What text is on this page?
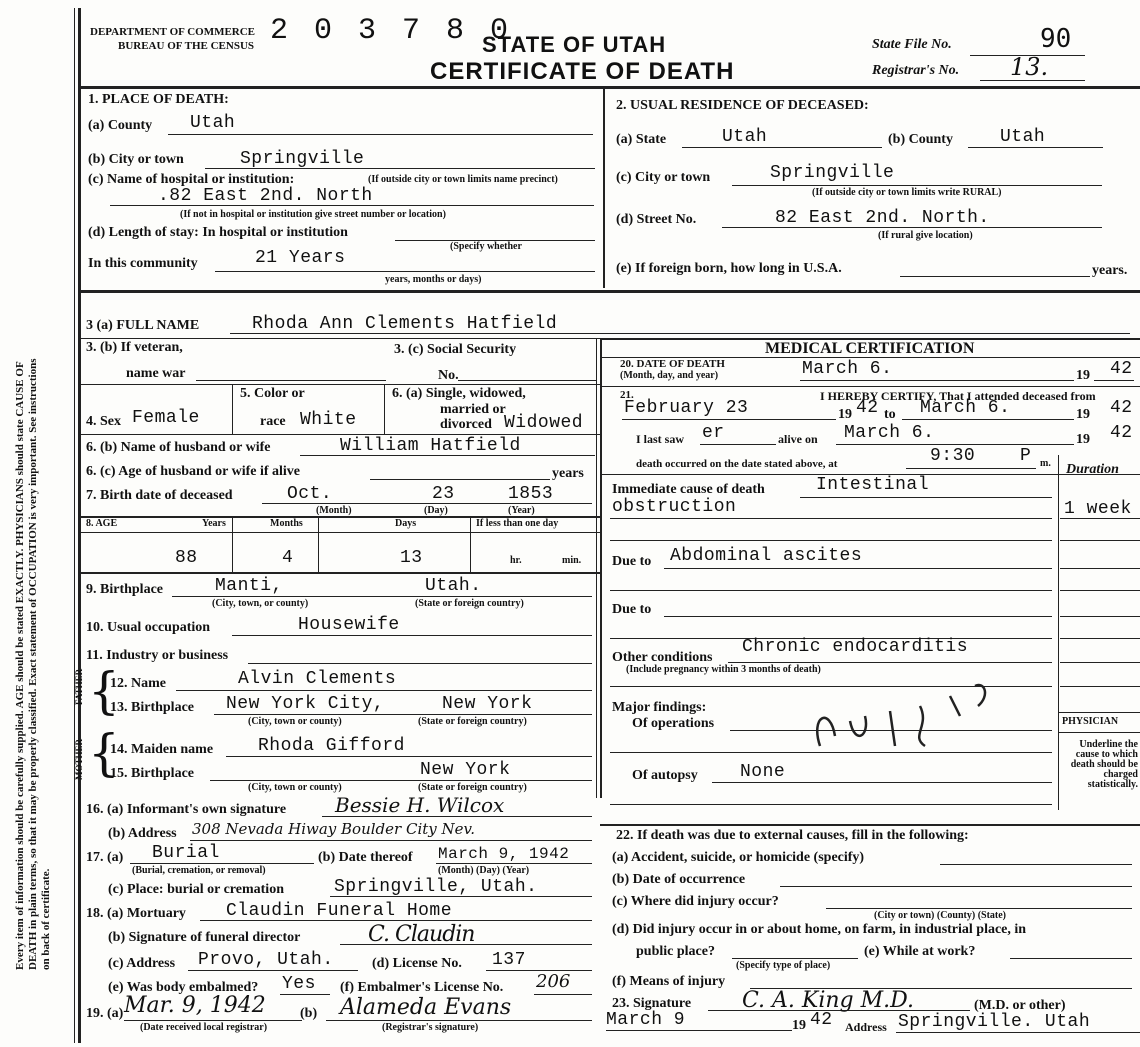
DEPARTMENT OF COMMERCE
BUREAU OF THE CENSUS 2 0 3 7 8 0
STATE OF UTAH
CERTIFICATE OF DEATH
State File No.	90
Registrar's No. 13.
Every item of information should be carefully supplied. AGE should be stated EXACTLY. PHYSICIANS should state CAUSE OF DEATH in plain terms, so that it may be properly classified. Exact statement of OCCUPATION is very important. See instructions on back of certificate.
1. PLACE OF DEATH:
(a) County Utah
(b) City or town	Springville
(c) Name of hospital or institution:	(If outside city or town limits name precinct)
.82 East 2nd. North
(If not in hospital or institution give street number or location)
(d) Length of stay: In hospital or institution
(Specify whether
In this community	21 Years
years, months or days)
2. USUAL RESIDENCE OF DECEASED:
(a) State	Utah	(b) County	Utah
(c) City or town	Springville
(If outside city or town limits write RURAL)
(d) Street No.	82 East 2nd. North.
(If rural give location)
(e) If foreign born, how long in U.S.A.	years.
3 (a) FULL NAME	Rhoda Ann Clements Hatfield
3. (b) If veteran,
name war
3. (c) Social Security
No.
4. Sex Female
5. Color or
race White
6. (a) Single, widowed,
married or
divorced Widowed
6. (b) Name of husband or wife	William Hatfield
6. (c) Age of husband or wife if alive	years
7. Birth date of deceased	Oct.	23	1853
(Month)	(Day)	(Year)
8. AGE	Years	Months	Days	If less than one day
88	4	13	hr.	min.
9. Birthplace	Manti,	Utah.
(City, town, or county)	(State or foreign country)
10. Usual occupation	Housewife
11. Industry or business
FATHER {
12. Name	Alvin Clements
13. Birthplace New York City,	New York
(City, town or county)	(State or foreign country)
MOTHER {
14. Maiden name Rhoda Gifford
15. Birthplace	New York
(City, town or county)	(State or foreign country)
16. (a) Informant's own signature Bessie H. Wilcox
(b) Address 308 Nevada Hiway Boulder City Nev.
17. (a) Burial
(Burial, cremation, or removal)
(b) Date thereof March 9, 1942
(Month) (Day) (Year)
(c) Place: burial or cremation	Springville, Utah.
18. (a) Mortuary Claudin Funeral Home
(b) Signature of funeral director	C. Claudin
(c) Address Provo, Utah.	(d) License No. 137
(e) Was body embalmed? Yes (f) Embalmer's License No. 206
19. (a) Mar. 9, 1942 (b) Alameda Evans
(Date received local registrar)	(Registrar's signature)
MEDICAL CERTIFICATION
20. DATE OF DEATH
(Month, day, and year)	March 6.	19 42
21.	I HEREBY CERTIFY, That I attended deceased from
February 23	19 42 to March 6.	19 42
I last saw er	alive on March 6.	19 42
death occurred on the date stated above, at	9:30 P m. Duration
Immediate cause of death	Intestinal
obstruction	1 week
Due to Abdominal ascites
Due to
Other conditions
Chronic endocarditis
(Include pregnancy within 3 months of death)
Major findings:
Of operations
Of autopsy None
PHYSICIAN
Underline the cause to which death should be charged statistically.
22. If death was due to external causes, fill in the following:
(a) Accident, suicide, or homicide (specify)
(b) Date of occurrence
(c) Where did injury occur?
(City or town) (County) (State)
(d) Did injury occur in or about home, on farm, in industrial place, in
public place?
(Specify type of place)
(e) While at work?
(f) Means of injury
23. Signature C. A. King M.D.	(M.D. or other)
March 9	19 42 Address Springville. Utah
